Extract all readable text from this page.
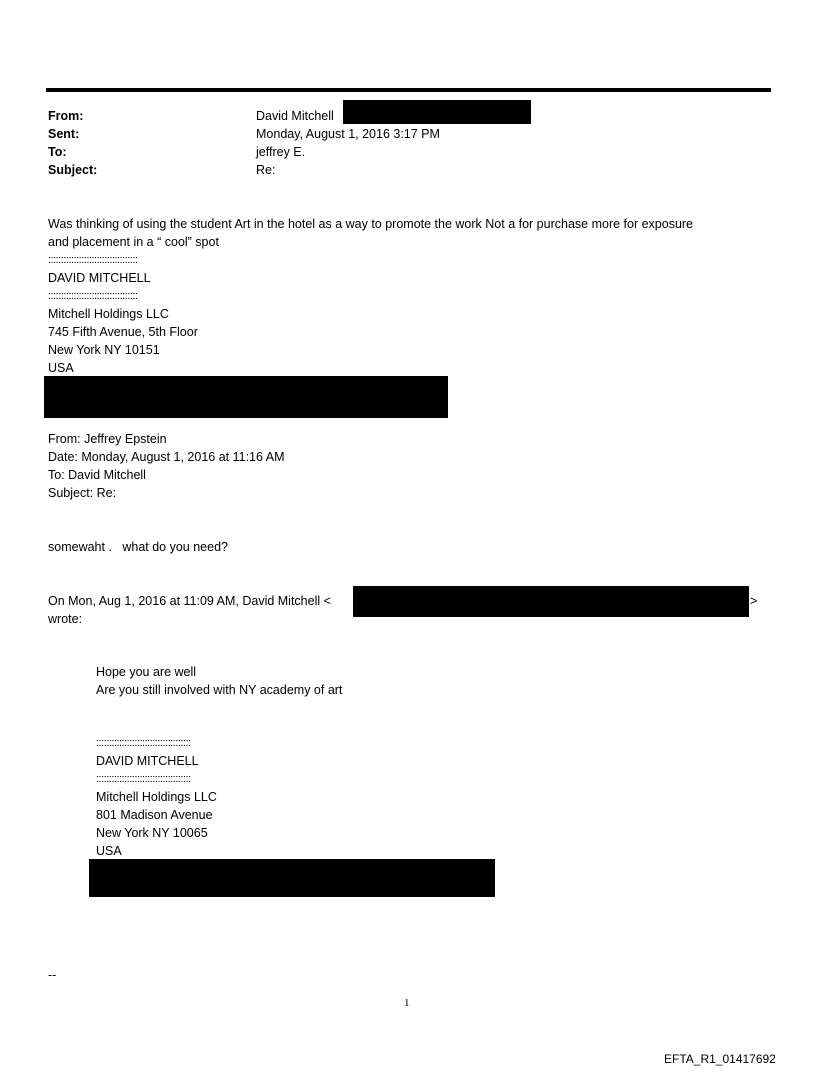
From:	David Mitchell
Sent:	Monday, August 1, 2016 3:17 PM
To:	jeffrey E.
Subject:	Re:
Was thinking of using the student Art in the hotel as a way to promote the work Not a for purchase more for exposure
and placement in a “ cool” spot
:::::::::::::::::::::::::::::::::::
DAVID MITCHELL
:::::::::::::::::::::::::::::::::::
Mitchell Holdings LLC
745 Fifth Avenue, 5th Floor
New York NY 10151
USA
From: Jeffrey Epstein
Date: Monday, August 1, 2016 at 11:16 AM
To: David Mitchell
Subject: Re:
somewaht .   what do you need?
On Mon, Aug 1, 2016 at 11:09 AM, David Mitchell <	>
wrote:
Hope you are well
Are you still involved with NY academy of art
:::::::::::::::::::::::::::::::::::::
DAVID MITCHELL
:::::::::::::::::::::::::::::::::::::
Mitchell Holdings LLC
801 Madison Avenue
New York NY 10065
USA
--
1
EFTA_R1_01417692
